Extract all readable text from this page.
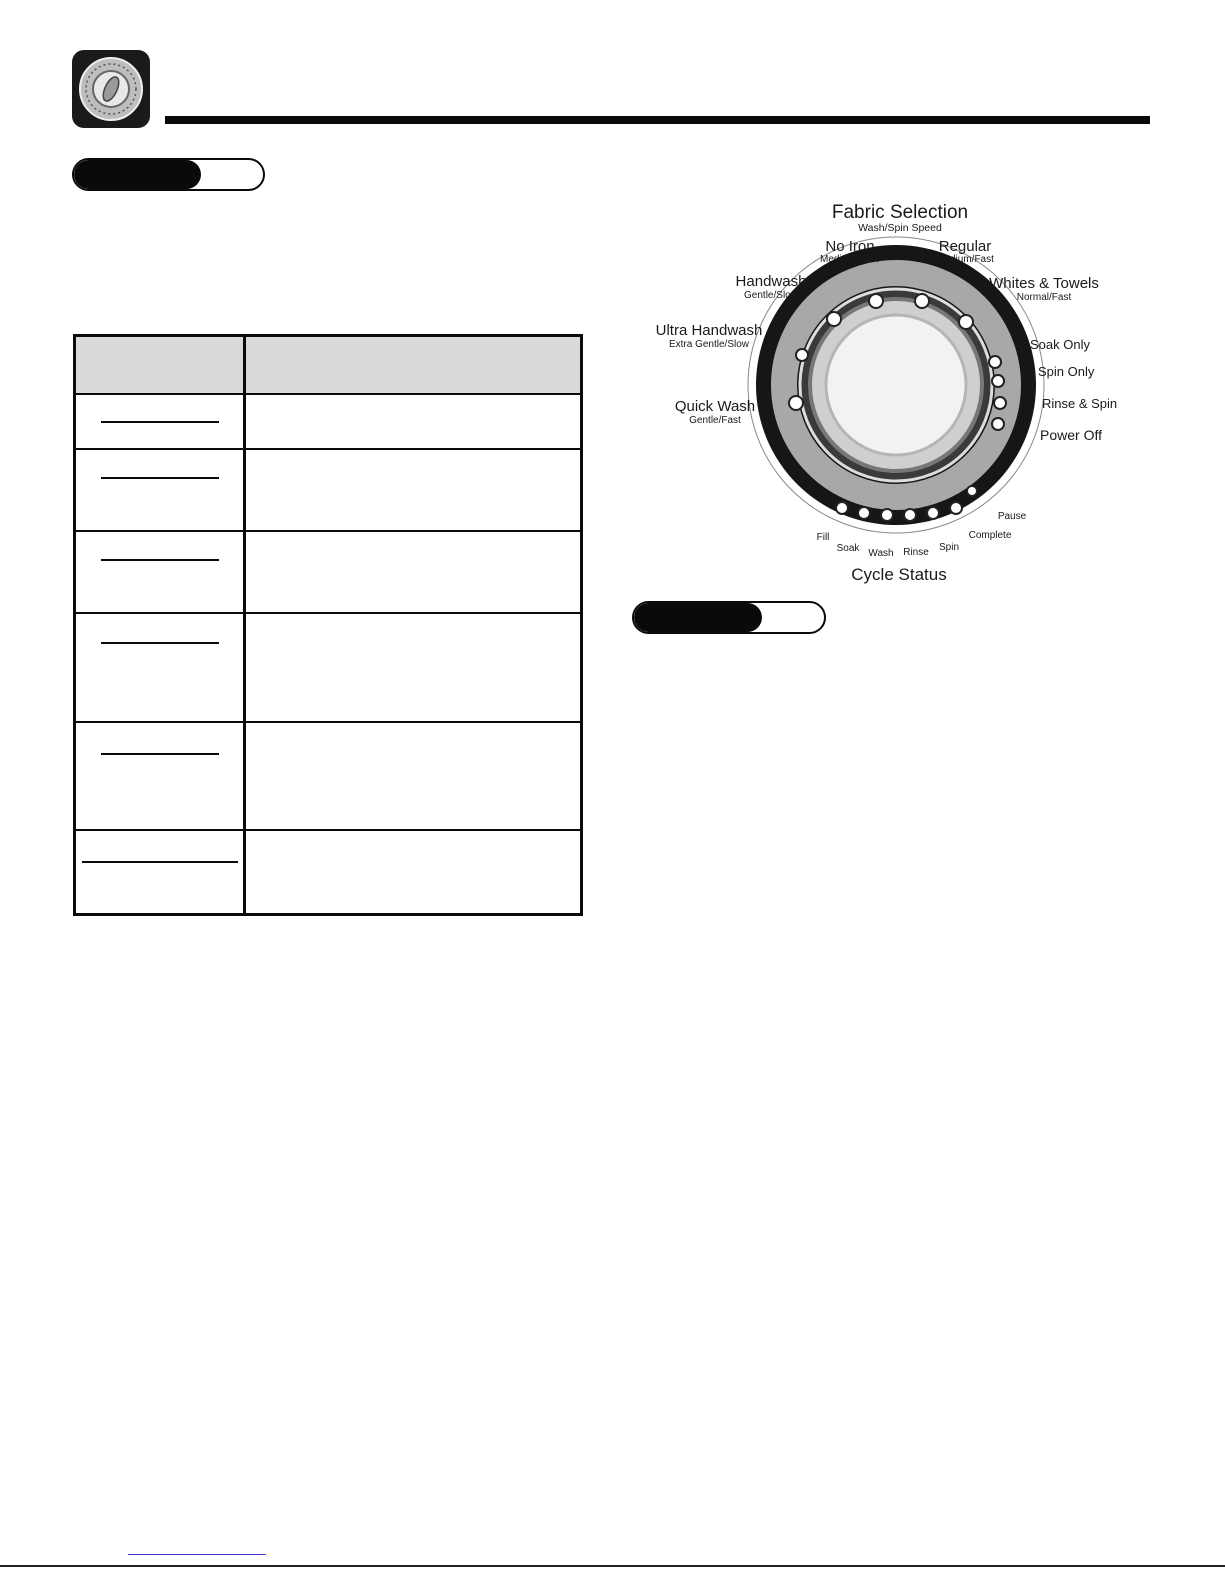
Fabric Selection
Wash/Spin Speed
No Iron
Medium/Slow
Regular
Medium/Fast
Handwash
Gentle/Slow
Whites & Towels
Normal/Fast
Ultra Handwash
Extra Gentle/Slow
Quick Wash
Gentle/Fast
Soak Only
Spin Only
Rinse & Spin
Power Off
Fill
Soak Wash Rinse Spin
Complete
Pause
Cycle Status
